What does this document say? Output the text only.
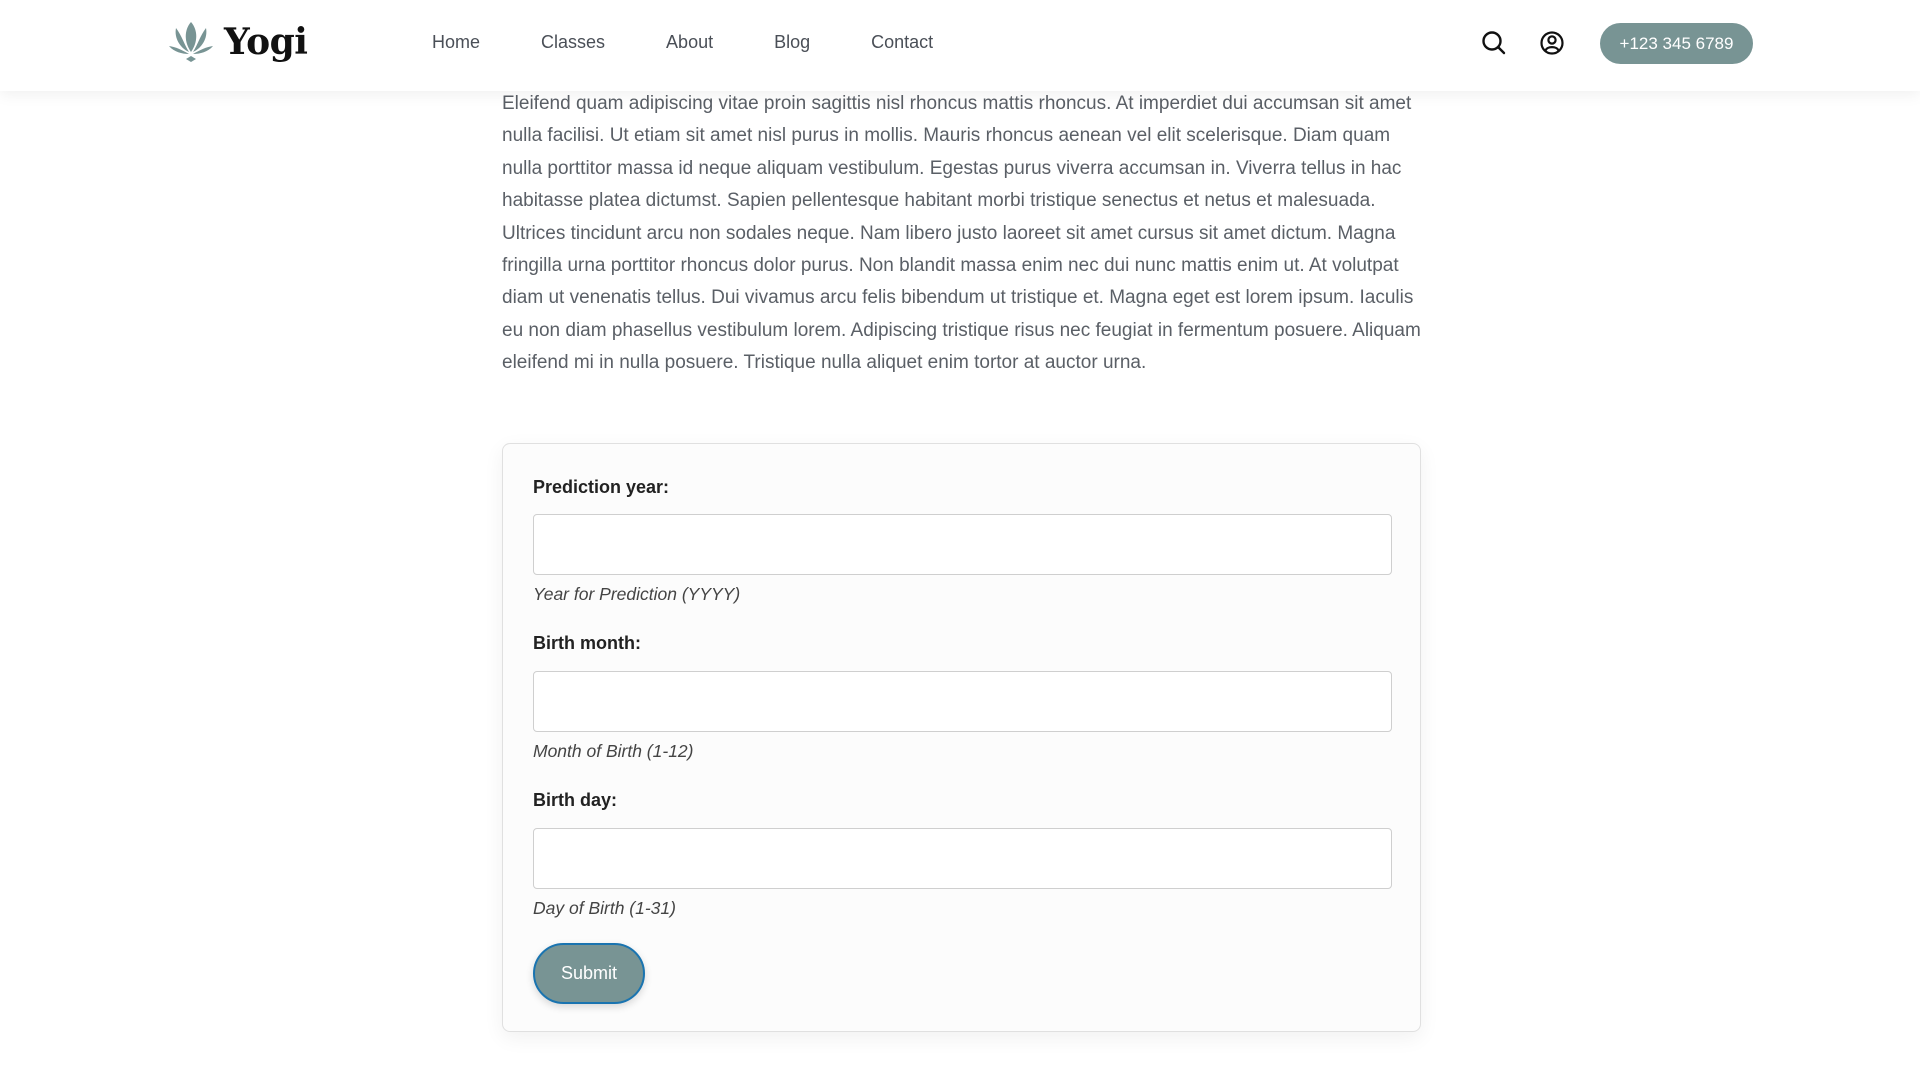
Yogi	Home	Classes	About	Blog	Contact	+123 345 6789

Eleifend quam adipiscing vitae proin sagittis nisl rhoncus mattis rhoncus. At imperdiet dui accumsan sit amet nulla facilisi. Ut etiam sit amet nisl purus in mollis. Mauris rhoncus aenean vel elit scelerisque. Diam quam nulla porttitor massa id neque aliquam vestibulum. Egestas purus viverra accumsan in. Viverra tellus in hac habitasse platea dictumst. Sapien pellentesque habitant morbi tristique senectus et netus et malesuada. Ultrices tincidunt arcu non sodales neque. Nam libero justo laoreet sit amet cursus sit amet dictum. Magna fringilla urna porttitor rhoncus dolor purus. Non blandit massa enim nec dui nunc mattis enim ut. At volutpat diam ut venenatis tellus. Dui vivamus arcu felis bibendum ut tristique et. Magna eget est lorem ipsum. Iaculis eu non diam phasellus vestibulum lorem. Adipiscing tristique risus nec feugiat in fermentum posuere. Aliquam eleifend mi in nulla posuere. Tristique nulla aliquet enim tortor at auctor urna.

Prediction year:
Year for Prediction (YYYY)
Birth month:
Month of Birth (1-12)
Birth day:
Day of Birth (1-31)
Submit
